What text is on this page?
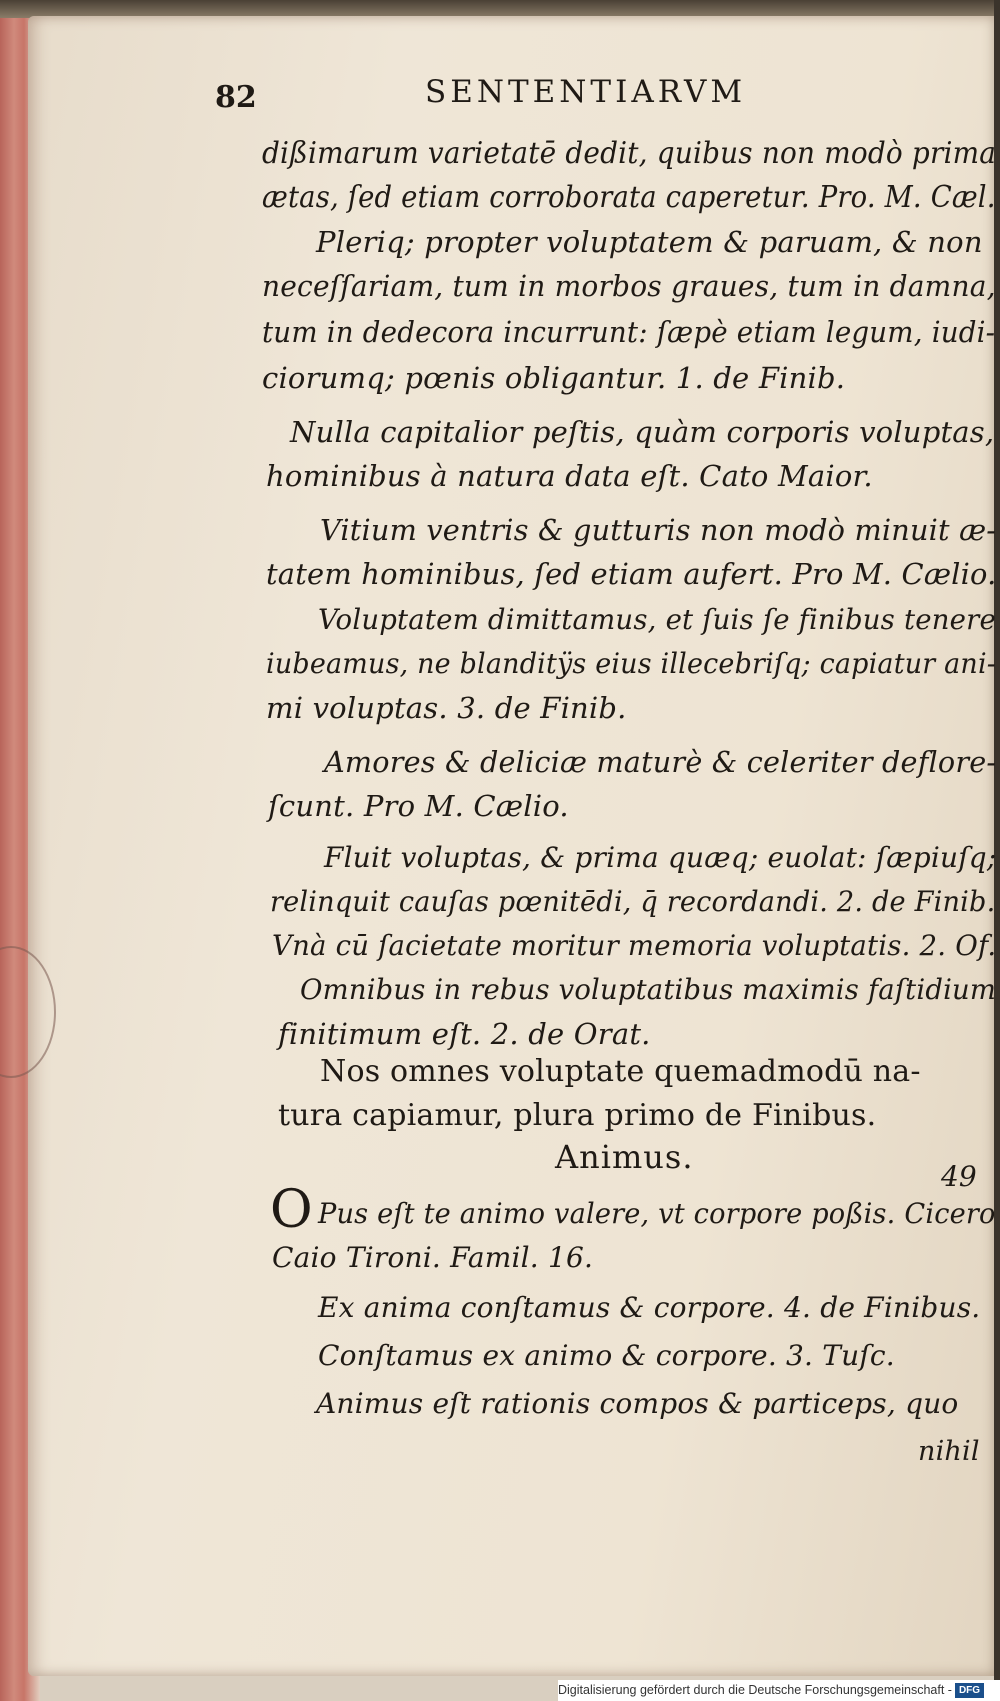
82	SENTENTIARVM
dißimarum varietatē dedit, quibus non modò prima
ætas, ſed etiam corroborata caperetur. Pro. M. Cæl.
Pleriq; propter voluptatem & paruam, & non
neceſſariam, tum in morbos graues, tum in damna,
tum in dedecora incurrunt: ſæpè etiam legum, iudi-
ciorumq; pœnis obligantur. 1. de Finib.
Nulla capitalior peſtis, quàm corporis voluptas,
hominibus à natura data eſt. Cato Maior.
Vitium ventris & gutturis non modò minuit æ-
tatem hominibus, ſed etiam aufert. Pro M. Cælio.
Voluptatem dimittamus, et ſuis ſe finibus tenere
iubeamus, ne blanditÿs eius illecebriſq; capiatur ani-
mi voluptas. 3. de Finib.
Amores & deliciæ maturè & celeriter deflore-
ſcunt. Pro M. Cælio.
Fluit voluptas, & prima quæq; euolat: ſæpiuſq;
relinquit cauſas pœnitēdi, q̄ recordandi. 2. de Finib.
Vnà cū ſacietate moritur memoria voluptatis. 2. Of.
Omnibus in rebus voluptatibus maximis faſtidium
finitimum eſt. 2. de Orat.
Nos omnes voluptate quemadmodū na-
tura capiamur, plura primo de Finibus.
Animus.
49
O Pus eſt te animo valere, vt corpore poßis. Cicero
Caio Tironi. Famil. 16.
Ex anima conſtamus & corpore. 4. de Finibus.
Conſtamus ex animo & corpore. 3. Tuſc.
Animus eſt rationis compos & particeps, quo
nihil
Digitalisierung gefördert durch die Deutsche Forschungsgemeinschaft - DFG
